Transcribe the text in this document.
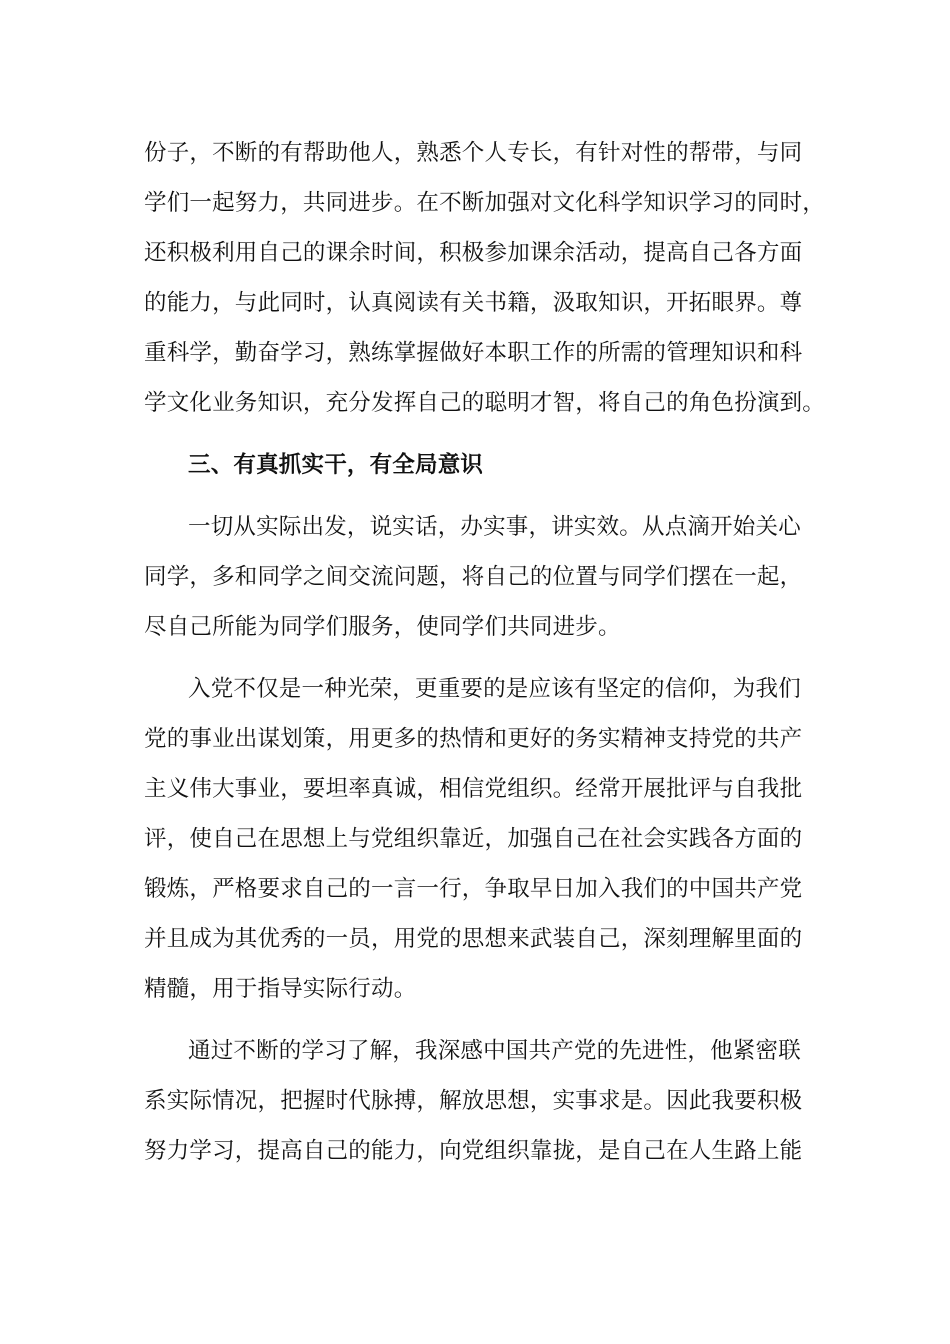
份子，不断的有帮助他人，熟悉个人专长，有针对性的帮带，与同
学们一起努力，共同进步。在不断加强对文化科学知识学习的同时，
还积极利用自己的课余时间，积极参加课余活动，提高自己各方面
的能力，与此同时，认真阅读有关书籍，汲取知识，开拓眼界。尊
重科学，勤奋学习，熟练掌握做好本职工作的所需的管理知识和科
学文化业务知识，充分发挥自己的聪明才智，将自己的角色扮演到。
三、有真抓实干，有全局意识
一切从实际出发，说实话，办实事，讲实效。从点滴开始关心
同学，多和同学之间交流问题，将自己的位置与同学们摆在一起，
尽自己所能为同学们服务，使同学们共同进步。
入党不仅是一种光荣，更重要的是应该有坚定的信仰，为我们
党的事业出谋划策，用更多的热情和更好的务实精神支持党的共产
主义伟大事业，要坦率真诚，相信党组织。经常开展批评与自我批
评，使自己在思想上与党组织靠近，加强自己在社会实践各方面的
锻炼，严格要求自己的一言一行，争取早日加入我们的中国共产党
并且成为其优秀的一员，用党的思想来武装自己，深刻理解里面的
精髓，用于指导实际行动。
通过不断的学习了解，我深感中国共产党的先进性，他紧密联
系实际情况，把握时代脉搏，解放思想，实事求是。因此我要积极
努力学习，提高自己的能力，向党组织靠拢，是自己在人生路上能
